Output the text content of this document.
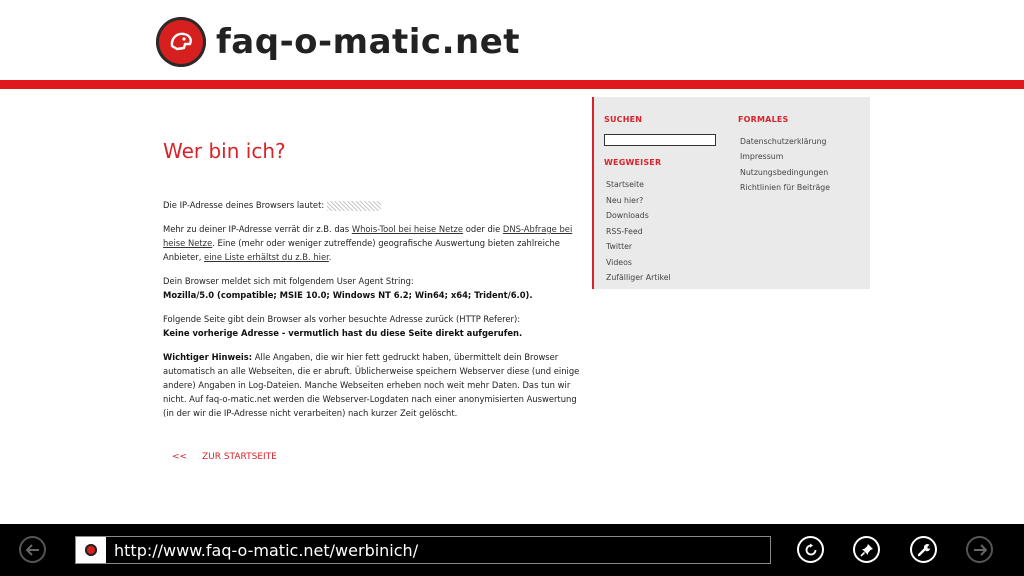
faq-o-matic.net
Wer bin ich?

Die IP-Adresse deines Browsers lautet:

Mehr zu deiner IP-Adresse verrät dir z.B. das Whois-Tool bei heise Netze oder die DNS-Abfrage bei heise Netze. Eine (mehr oder weniger zutreffende) geografische Auswertung bieten zahlreiche Anbieter, eine Liste erhältst du z.B. hier.

Dein Browser meldet sich mit folgendem User Agent String:
Mozilla/5.0 (compatible; MSIE 10.0; Windows NT 6.2; Win64; x64; Trident/6.0).

Folgende Seite gibt dein Browser als vorher besuchte Adresse zurück (HTTP Referer):
Keine vorherige Adresse - vermutlich hast du diese Seite direkt aufgerufen.

Wichtiger Hinweis: Alle Angaben, die wir hier fett gedruckt haben, übermittelt dein Browser automatisch an alle Webseiten, die er abruft. Üblicherweise speichern Webserver diese (und einige andere) Angaben in Log-Dateien. Manche Webseiten erheben noch weit mehr Daten. Das tun wir nicht. Auf faq-o-matic.net werden die Webserver-Logdaten nach einer anonymisierten Auswertung (in der wir die IP-Adresse nicht verarbeiten) nach kurzer Zeit gelöscht.

<< ZUR STARTSEITE
SUCHEN
WEGWEISER
Startseite
Neu hier?
Downloads
RSS-Feed
Twitter
Videos
Zufälliger Artikel
FORMALES
Datenschutzerklärung
Impressum
Nutzungsbedingungen
Richtlinien für Beiträge
http://www.faq-o-matic.net/werbinich/
